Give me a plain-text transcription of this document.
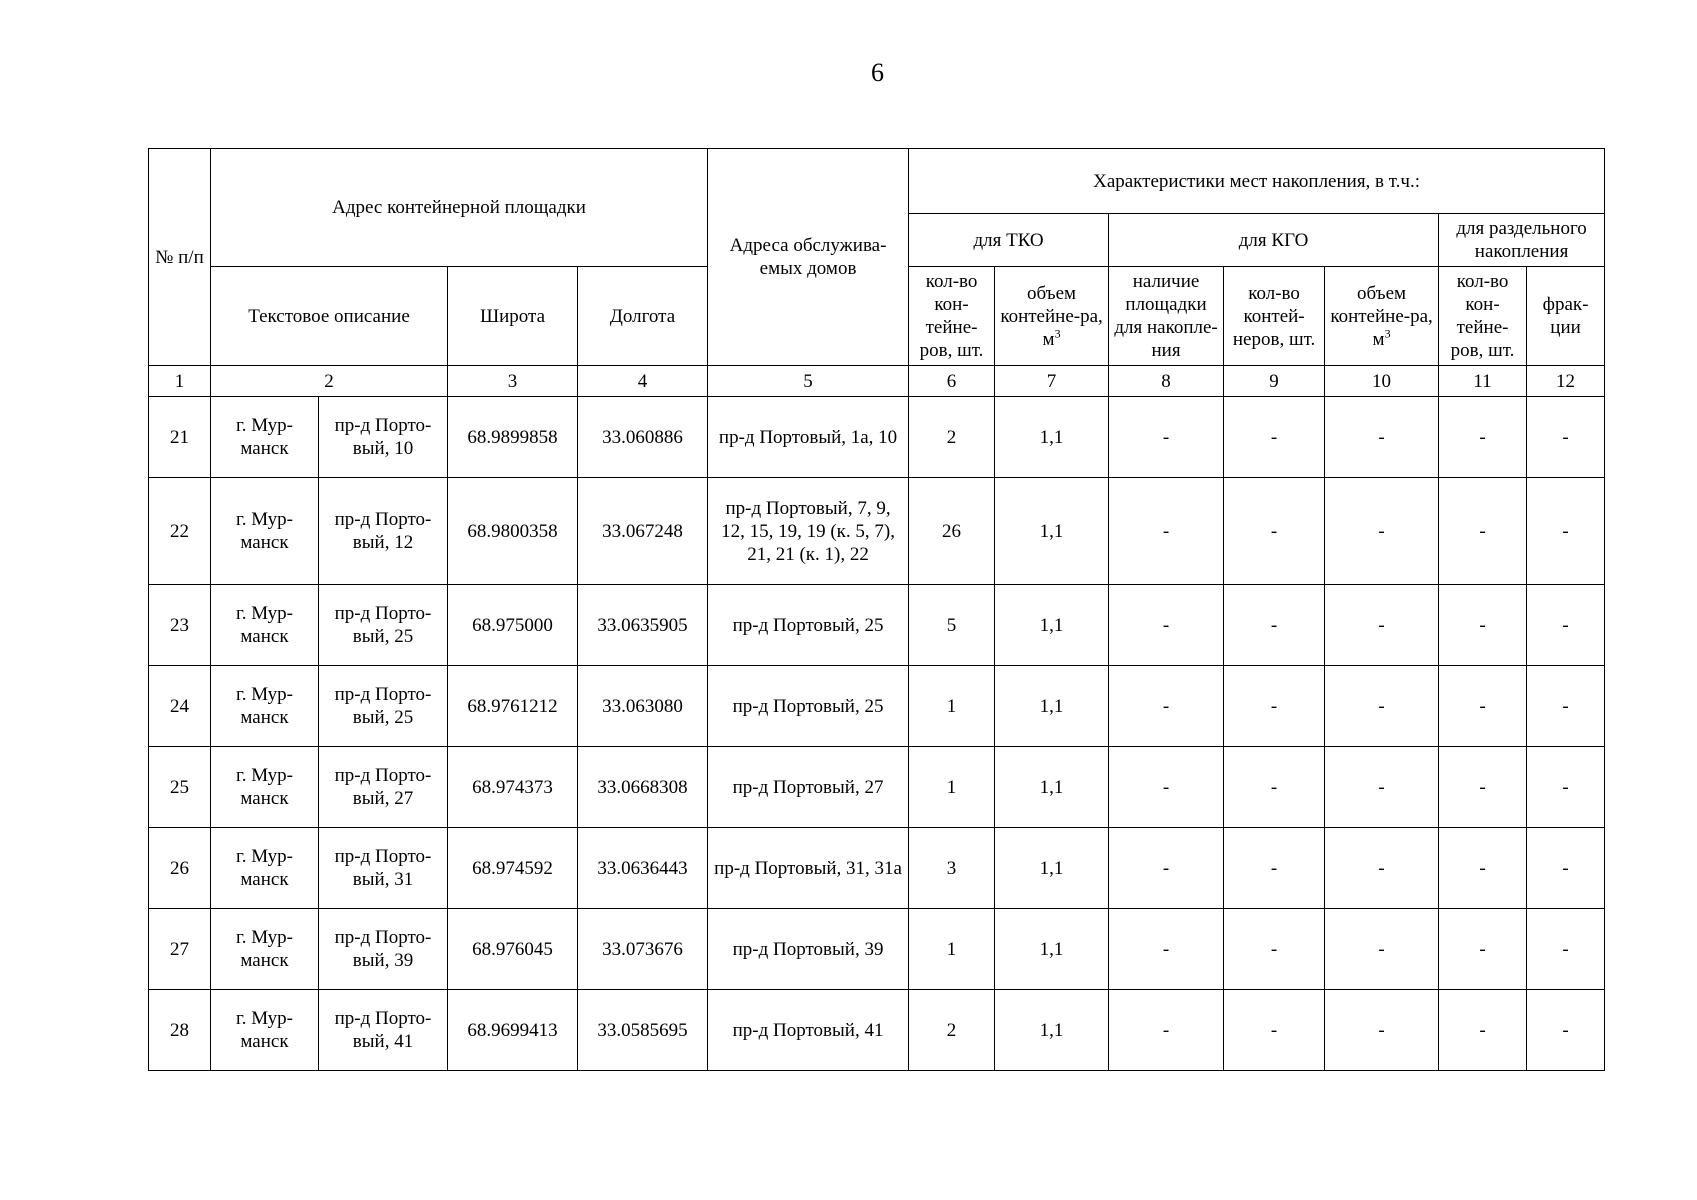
6
№ п/п	Адрес контейнерной площадки				Адреса обслужива-емых домов	Характеристики мест накопления, в т.ч.:						
						для ТКО		для КГО			для раздельного накопления	
						кол-во кон-тейне-ров, шт.	объем контейне-ра, $м^3$	наличие площадки для накопле-ния	кол-во контей-неров, шт.	объем контейне-ра, $м^3$	кол-во кон-тейне-ров, шт.	фрак-ции
	Текстовое описание		Широта	Долгота								
1	2		3	4	5	6	7	8	9	10	11	12
21	г. Мур-манск	пр-д Порто-вый, 10	68.9899858	33.060886	пр-д Портовый, 1а, 10	2	1,1	-	-	-	-	-
22	г. Мур-манск	пр-д Порто-вый, 12	68.9800358	33.067248	пр-д Портовый, 7, 9, 12, 15, 19, 19 (к. 5, 7), 21, 21 (к. 1), 22	26	1,1	-	-	-	-	-
23	г. Мур-манск	пр-д Порто-вый, 25	68.975000	33.0635905	пр-д Портовый, 25	5	1,1	-	-	-	-	-
24	г. Мур-манск	пр-д Порто-вый, 25	68.9761212	33.063080	пр-д Портовый, 25	1	1,1	-	-	-	-	-
25	г. Мур-манск	пр-д Порто-вый, 27	68.974373	33.0668308	пр-д Портовый, 27	1	1,1	-	-	-	-	-
26	г. Мур-манск	пр-д Порто-вый, 31	68.974592	33.0636443	пр-д Портовый, 31, 31а	3	1,1	-	-	-	-	-
27	г. Мур-манск	пр-д Порто-вый, 39	68.976045	33.073676	пр-д Портовый, 39	1	1,1	-	-	-	-	-
28	г. Мур-манск	пр-д Порто-вый, 41	68.9699413	33.0585695	пр-д Портовый, 41	2	1,1	-	-	-	-	-
